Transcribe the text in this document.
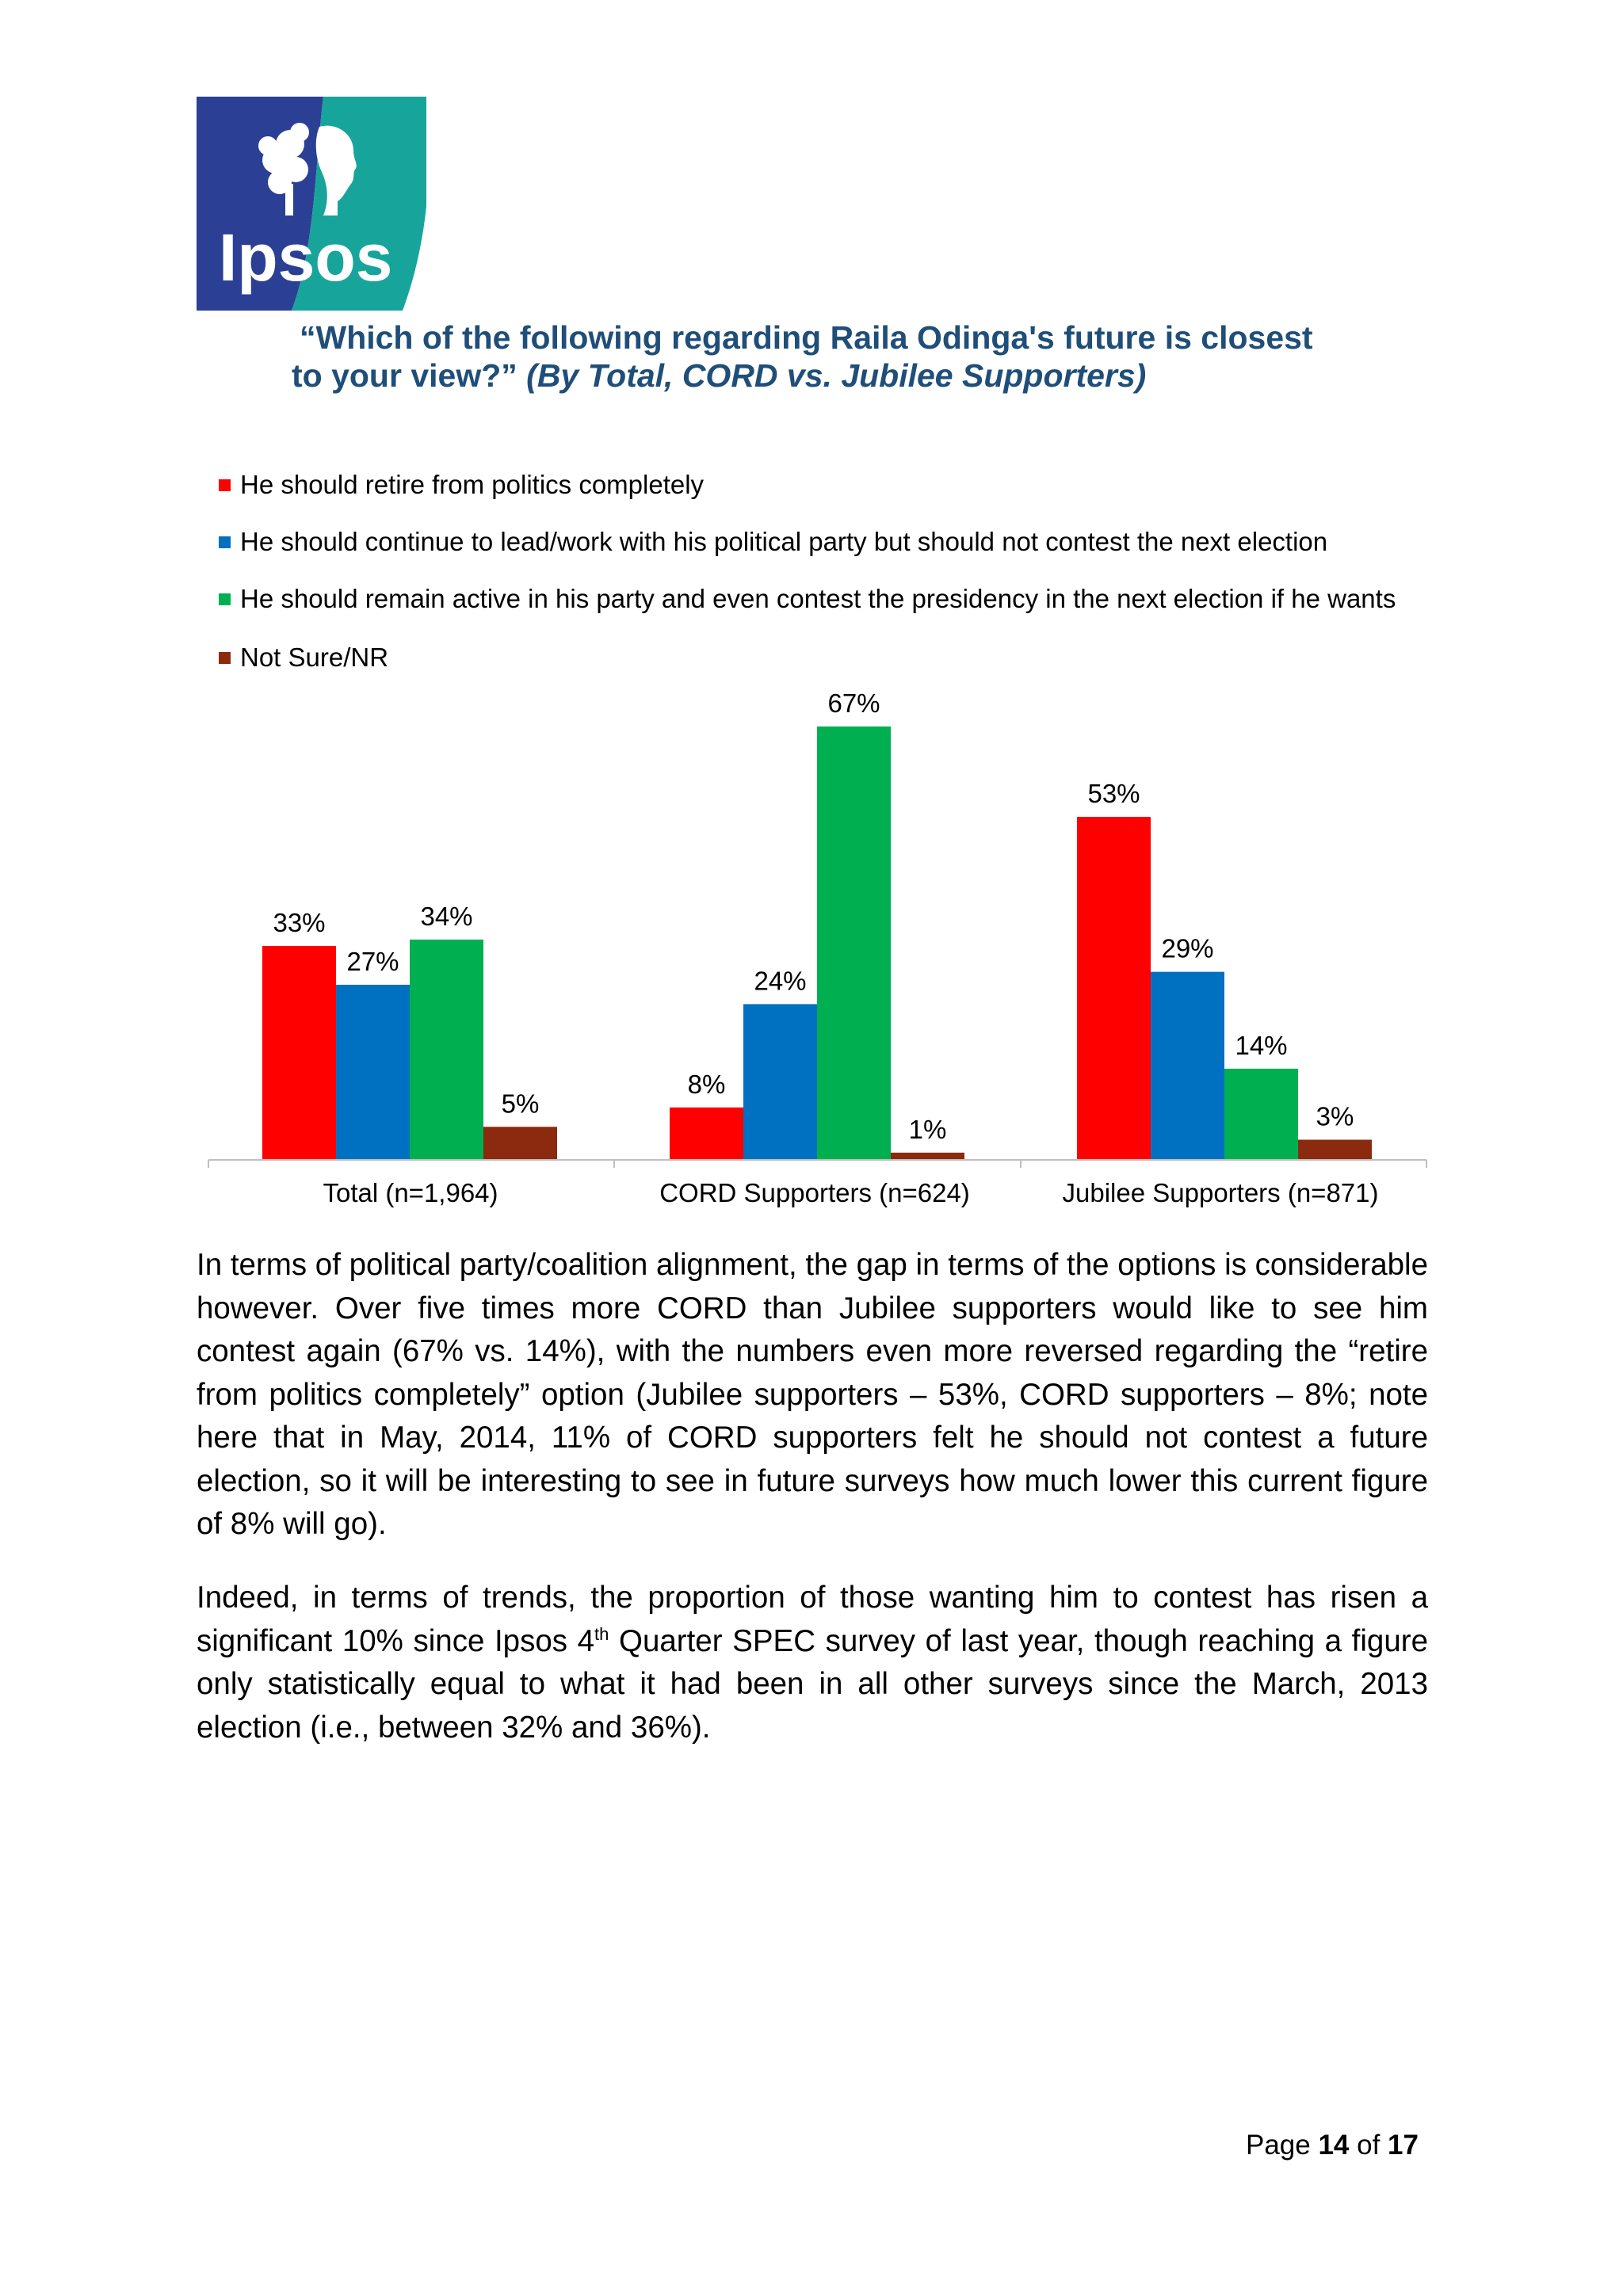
Ipsos
“Which of the following regarding Raila Odinga's future is closest
to your view?” (By Total, CORD vs. Jubilee Supporters)
He should retire from politics completely
He should continue to lead/work with his political party but should not contest the next election
He should remain active in his party and even contest the presidency in the next election if he wants
Not Sure/NR
33%
27%
34%
5%
8%
24%
67%
1%
53%
29%
14%
3%
Total (n=1,964)	CORD Supporters (n=624)	Jubilee Supporters (n=871)
In terms of political party/coalition alignment, the gap in terms of the options is considerable however. Over five times more CORD than Jubilee supporters would like to see him contest again (67% vs. 14%), with the numbers even more reversed regarding the “retire from politics completely” option (Jubilee supporters – 53%, CORD supporters – 8%; note here that in May, 2014, 11% of CORD supporters felt he should not contest a future election, so it will be interesting to see in future surveys how much lower this current figure of 8% will go).
Indeed, in terms of trends, the proportion of those wanting him to contest has risen a significant 10% since Ipsos 4th Quarter SPEC survey of last year, though reaching a figure only statistically equal to what it had been in all other surveys since the March, 2013 election (i.e., between 32% and 36%).
Page 14 of 17
